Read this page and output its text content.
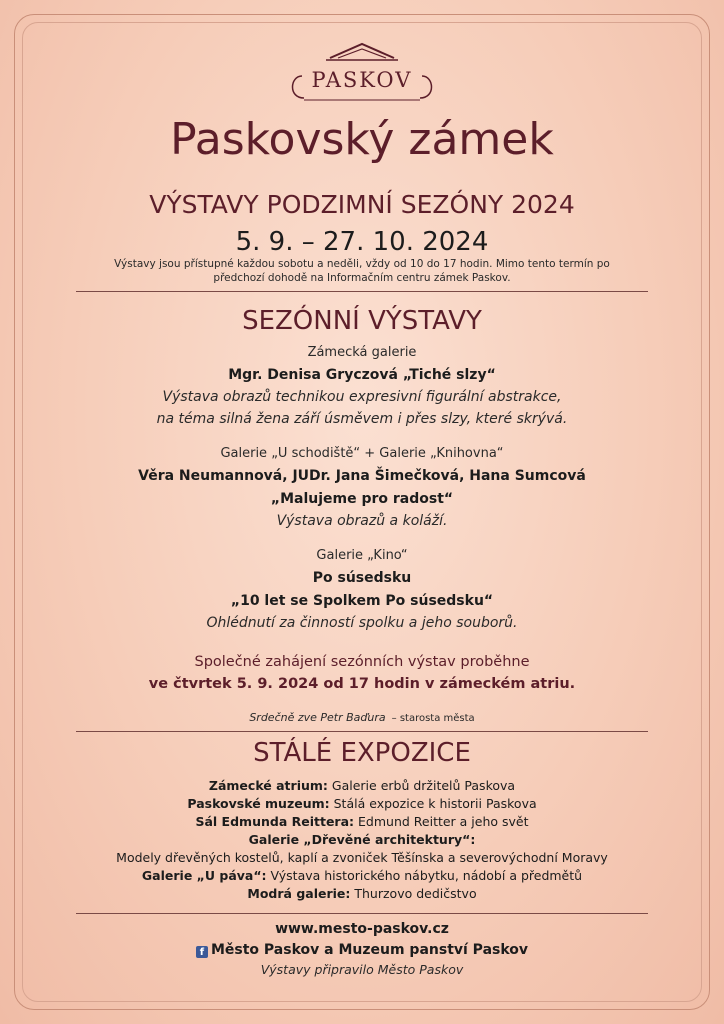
PASKOV
Paskovský zámek
VÝSTAVY PODZIMNÍ SEZÓNY 2024
5. 9. – 27. 10. 2024
Výstavy jsou přístupné každou sobotu a neděli, vždy od 10 do 17 hodin. Mimo tento termín po
předchozí dohodě na Informačním centru zámek Paskov.
SEZÓNNÍ VÝSTAVY
Zámecká galerie
Mgr. Denisa Gryczová „Tiché slzy“
Výstava obrazů technikou expresivní figurální abstrakce,
na téma silná žena září úsměvem i přes slzy, které skrývá.
Galerie „U schodiště“ + Galerie „Knihovna“
Věra Neumannová, JUDr. Jana Šimečková, Hana Sumcová
„Malujeme pro radost“
Výstava obrazů a koláží.
Galerie „Kino“
Po súsedsku
„10 let se Spolkem Po súsedsku“
Ohlédnutí za činností spolku a jeho souborů.
Společné zahájení sezónních výstav proběhne
ve čtvrtek 5. 9. 2024 od 17 hodin v zámeckém atriu.
Srdečně zve Petr Baďura – starosta města
STÁLÉ EXPOZICE
Zámecké atrium: Galerie erbů držitelů Paskova
Paskovské muzeum: Stálá expozice k historii Paskova
Sál Edmunda Reittera: Edmund Reitter a jeho svět
Galerie „Dřevěné architektury“:
Modely dřevěných kostelů, kaplí a zvoniček Těšínska a severovýchodní Moravy
Galerie „U páva“: Výstava historického nábytku, nádobí a předmětů
Modrá galerie: Thurzovo dedičstvo
www.mesto-paskov.cz
f Město Paskov a Muzeum panství Paskov
Výstavy připravilo Město Paskov
